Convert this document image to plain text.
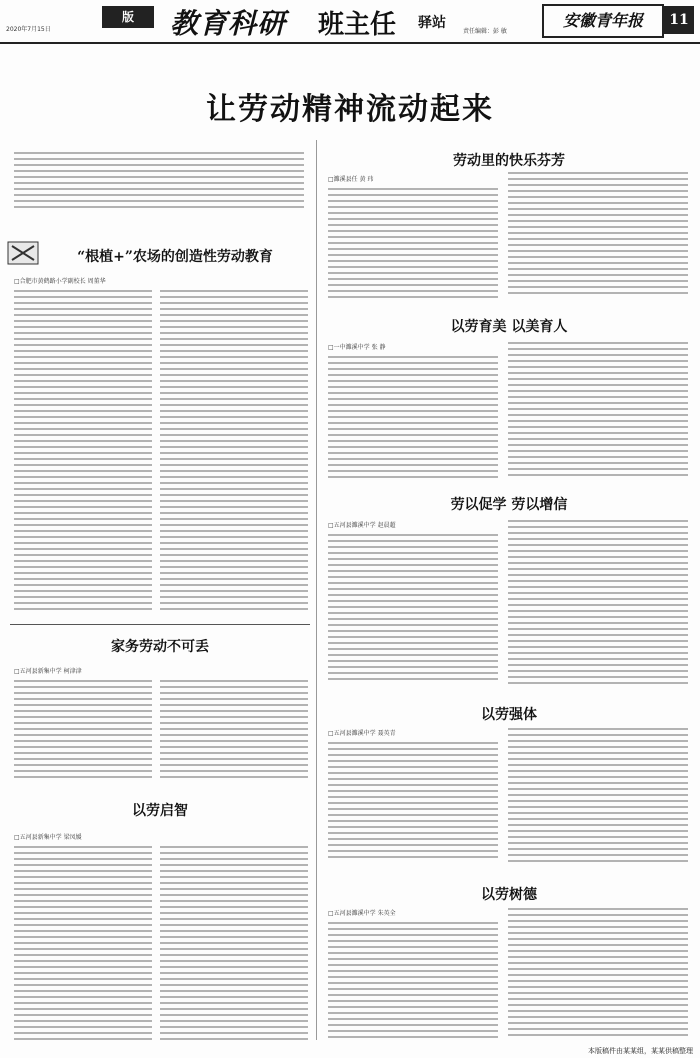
2020年7月15日
版	教育科研 班主任 驿站
责任编辑：彭 敏
安徽青年报	11
让劳动精神流动起来
“根植+”农场的创造性劳动教育
□合肥市黄鹤路小学副校长 周董华
家务劳动不可丢
□五河县新集中学 柯津津
以劳启智
□五河县新集中学 梁凤媛
劳动里的快乐芬芳
□濉溪县任 黄 玮
以劳育美 以美育人
□一中濉溪中学 张 静
劳以促学 劳以增信
□五河县濉溪中学 赵晨超
以劳强体
□五河县濉溪中学 聂英青
以劳树德
□五河县濉溪中学 朱英全
本版稿件由某某组，某某供稿整理
